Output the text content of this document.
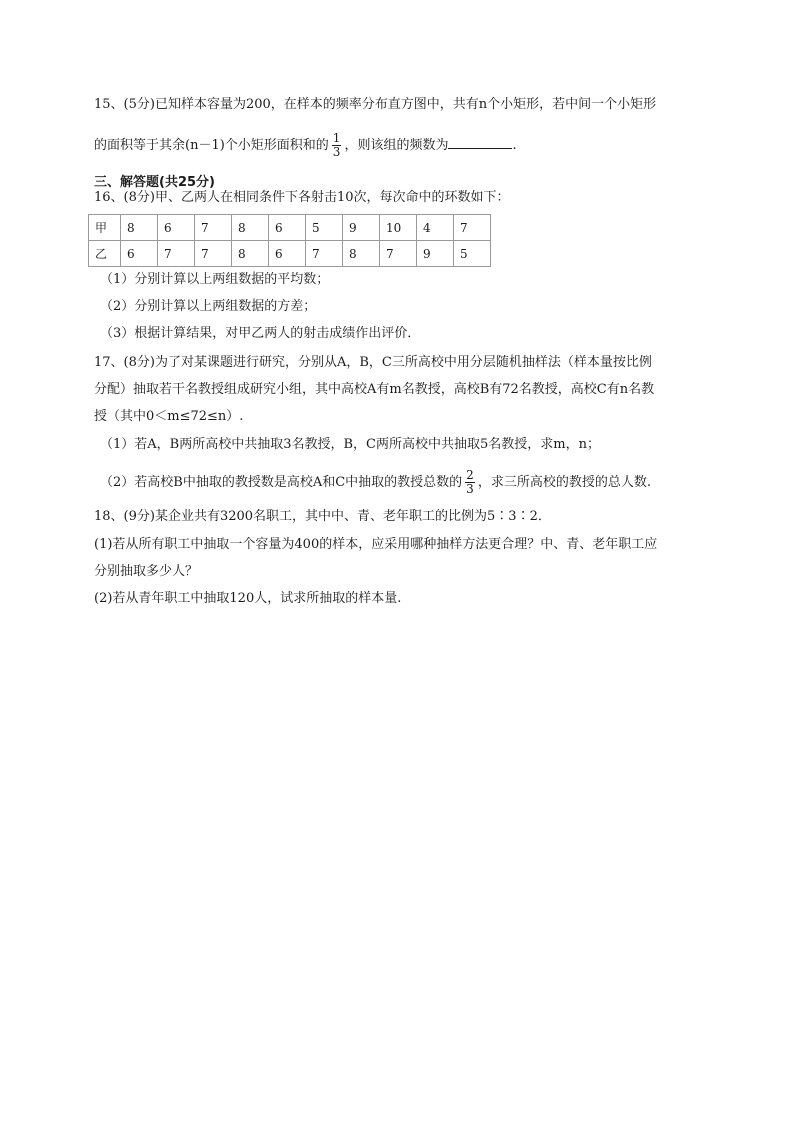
15、(5分)已知样本容量为200，在样本的频率分布直方图中，共有n个小矩形，若中间一个小矩形
的面积等于其余(n－1)个小矩形面积和的 $\frac{1}{3}$ ，则该组的频数为	.
三、解答题(共25分)
16、(8分)甲、乙两人在相同条件下各射击10次，每次命中的环数如下：
甲	8	6	7	8	6	5	9	10	4	7
乙	6	7	7	8	6	7	8	7	9	5
（1）分别计算以上两组数据的平均数；
（2）分别计算以上两组数据的方差；
（3）根据计算结果，对甲乙两人的射击成绩作出评价．
17、(8分)为了对某课题进行研究，分别从A，B，C三所高校中用分层随机抽样法（样本量按比例
分配）抽取若干名教授组成研究小组，其中高校A有m名教授，高校B有72名教授，高校C有n名教
授（其中0＜m≤72≤n）.
（1）若A，B两所高校中共抽取3名教授，B，C两所高校中共抽取5名教授，求m，n；
（2）若高校B中抽取的教授数是高校A和C中抽取的教授总数的 $\frac{2}{3}$ ，求三所高校的教授的总人数.
18、(9分)某企业共有3200名职工，其中中、青、老年职工的比例为5∶3∶2．
(1)若从所有职工中抽取一个容量为400的样本，应采用哪种抽样方法更合理？中、青、老年职工应
分别抽取多少人？
(2)若从青年职工中抽取120人，试求所抽取的样本量.
